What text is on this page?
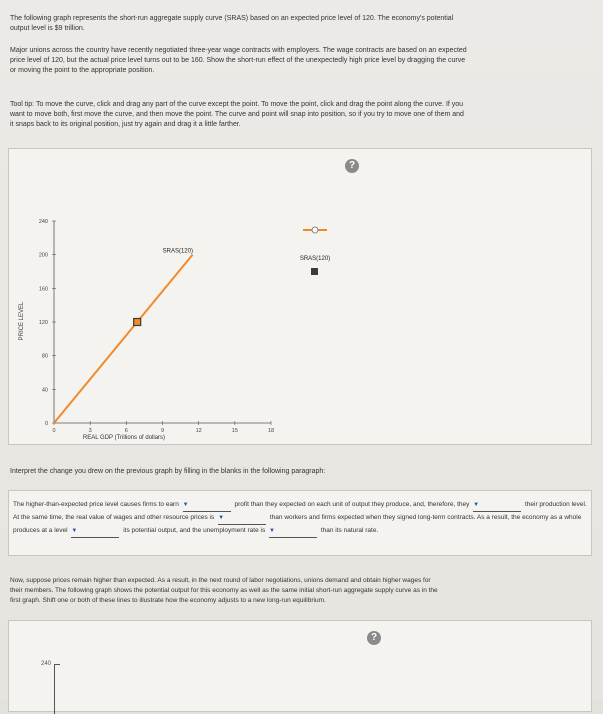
The following graph represents the short-run aggregate supply curve (SRAS) based on an expected price level of 120. The economy's potential
output level is $9 trillion.
Major unions across the country have recently negotiated three-year wage contracts with employers. The wage contracts are based on an expected
price level of 120, but the actual price level turns out to be 160. Show the short-run effect of the unexpectedly high price level by dragging the curve
or moving the point to the appropriate position.
Tool tip: To move the curve, click and drag any part of the curve except the point. To move the point, click and drag the point along the curve. If you
want to move both, first move the curve, and then move the point. The curve and point will snap into position, so if you try to move one of them and
it snaps back to its original position, just try again and drag it a little farther.
?
0
40
80
120
160
200
240
0	3	6	9	12	15	18
PRICE LEVEL
REAL GDP (Trillions of dollars)
SRAS(120)
SRAS(120)
Interpret the change you drew on the previous graph by filling in the blanks in the following paragraph:
The higher-than-expected price level causes firms to earn ▼	profit than they expected on each unit of output they produce, and, therefore, they ▼	their production level. At the same time, the real value of wages and other resource prices is ▼	than workers and firms expected when they signed long-term contracts. As a result, the economy as a whole produces at a level ▼	its potential output, and the unemployment rate is ▼	than its natural rate.
Now, suppose prices remain higher than expected. As a result, in the next round of labor negotiations, unions demand and obtain higher wages for
their members. The following graph shows the potential output for this economy as well as the same initial short-run aggregate supply curve as in the
first graph. Shift one or both of these lines to illustrate how the economy adjusts to a new long-run equilibrium.
?
240
